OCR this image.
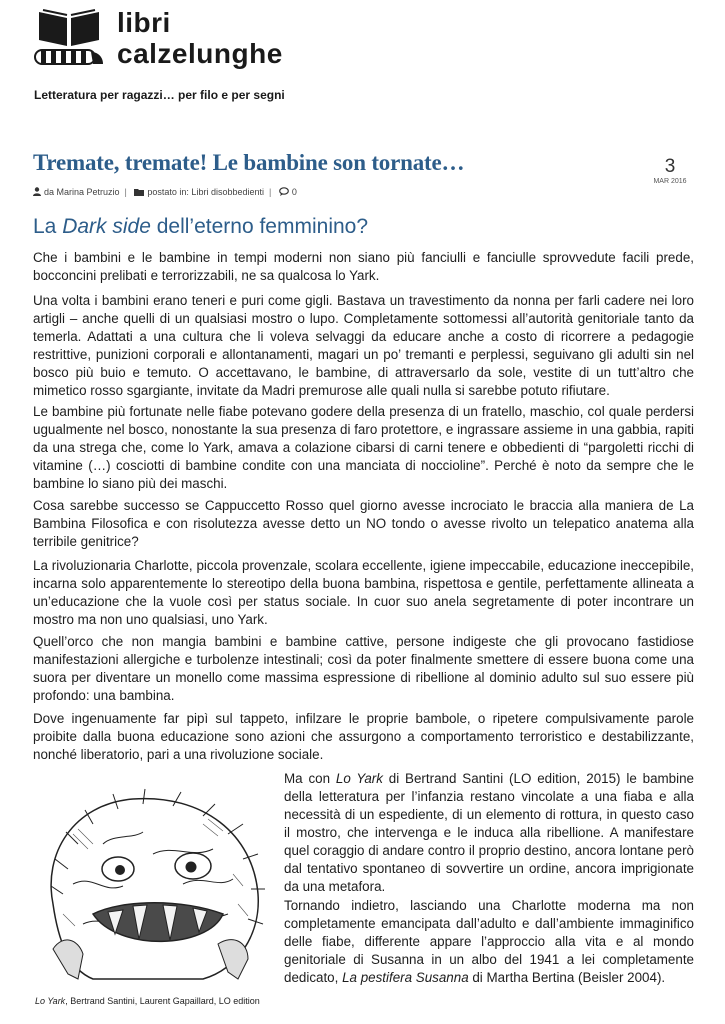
libri
calzelunghe
Letteratura per ragazzi… per filo e per segni
Tremate, tremate! Le bambine son tornate…	3
MAR 2016
da Marina Petruzio | postato in: Libri disobbedienti | 0
La Dark side dell’eterno femminino?

Che i bambini e le bambine in tempi moderni non siano più fanciulli e fanciulle sprovvedute facili prede, bocconcini prelibati e terrorizzabili, ne sa qualcosa lo Yark.

Una volta i bambini erano teneri e puri come gigli. Bastava un travestimento da nonna per farli cadere nei loro artigli – anche quelli di un qualsiasi mostro o lupo. Completamente sottomessi all’autorità genitoriale tanto da temerla. Adattati a una cultura che li voleva selvaggi da educare anche a costo di ricorrere a pedagogie restrittive, punizioni corporali e allontanamenti, magari un po’ tremanti e perplessi, seguivano gli adulti sin nel bosco più buio e temuto. O accettavano, le bambine, di attraversarlo da sole, vestite di un tutt’altro che mimetico rosso sgargiante, invitate da Madri premurose alle quali nulla si sarebbe potuto rifiutare.

Le bambine più fortunate nelle fiabe potevano godere della presenza di un fratello, maschio, col quale perdersi ugualmente nel bosco, nonostante la sua presenza di faro protettore, e ingrassare assieme in una gabbia, rapiti da una strega che, come lo Yark, amava a colazione cibarsi di carni tenere e obbedienti di “pargoletti ricchi di vitamine (…) cosciotti di bambine condite con una manciata di noccioline”. Perché è noto da sempre che le bambine lo siano più dei maschi.

Cosa sarebbe successo se Cappuccetto Rosso quel giorno avesse incrociato le braccia alla maniera de La Bambina Filosofica e con risolutezza avesse detto un NO tondo o avesse rivolto un telepatico anatema alla terribile genitrice?

La rivoluzionaria Charlotte, piccola provenzale, scolara eccellente, igiene impeccabile, educazione ineccepibile, incarna solo apparentemente lo stereotipo della buona bambina, rispettosa e gentile, perfettamente allineata a un’educazione che la vuole così per status sociale. In cuor suo anela segretamente di poter incontrare un mostro ma non uno qualsiasi, uno Yark.

Quell’orco che non mangia bambini e bambine cattive, persone indigeste che gli provocano fastidiose manifestazioni allergiche e turbolenze intestinali; così da poter finalmente smettere di essere buona come una suora per diventare un monello come massima espressione di ribellione al dominio adulto sul suo essere più profondo: una bambina.

Dove ingenuamente far pipì sul tappeto, infilzare le proprie bambole, o ripetere compulsivamente parole proibite dalla buona educazione sono azioni che assurgono a comportamento terroristico e destabilizzante, nonché liberatorio, pari a una rivoluzione sociale.

Lo Yark, Bertrand Santini, Laurent Gapaillard, LO edition

Ma con Lo Yark di Bertrand Santini (LO edition, 2015) le bambine della letteratura per l’infanzia restano vincolate a una fiaba e alla necessità di un espediente, di un elemento di rottura, in questo caso il mostro, che intervenga e le induca alla ribellione. A manifestare quel coraggio di andare contro il proprio destino, ancora lontane però dal tentativo spontaneo di sovvertire un ordine, ancora imprigionate da una metafora.

Tornando indietro, lasciando una Charlotte moderna ma non completamente emancipata dall’adulto e dall’ambiente immaginifico delle fiabe, differente appare l’approccio alla vita e al mondo genitoriale di Susanna in un albo del 1941 a lei completamente dedicato, La pestifera Susanna di Martha Bertina (Beisler 2004).
